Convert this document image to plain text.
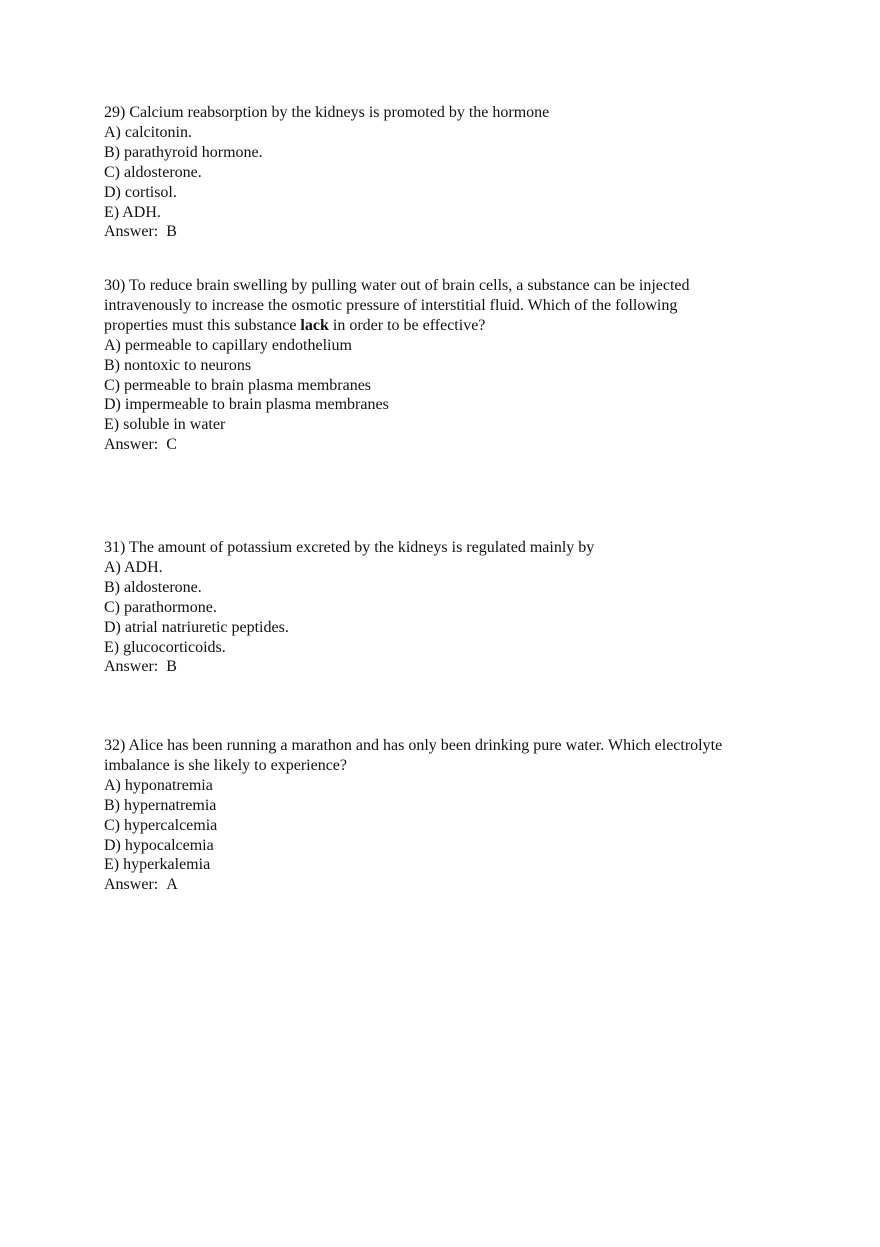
29) Calcium reabsorption by the kidneys is promoted by the hormone
A) calcitonin.
B) parathyroid hormone.
C) aldosterone.
D) cortisol.
E) ADH.
Answer: B
30) To reduce brain swelling by pulling water out of brain cells, a substance can be injected
intravenously to increase the osmotic pressure of interstitial fluid. Which of the following
properties must this substance lack in order to be effective?
A) permeable to capillary endothelium
B) nontoxic to neurons
C) permeable to brain plasma membranes
D) impermeable to brain plasma membranes
E) soluble in water
Answer: C
31) The amount of potassium excreted by the kidneys is regulated mainly by
A) ADH.
B) aldosterone.
C) parathormone.
D) atrial natriuretic peptides.
E) glucocorticoids.
Answer: B
32) Alice has been running a marathon and has only been drinking pure water. Which electrolyte
imbalance is she likely to experience?
A) hyponatremia
B) hypernatremia
C) hypercalcemia
D) hypocalcemia
E) hyperkalemia
Answer: A
